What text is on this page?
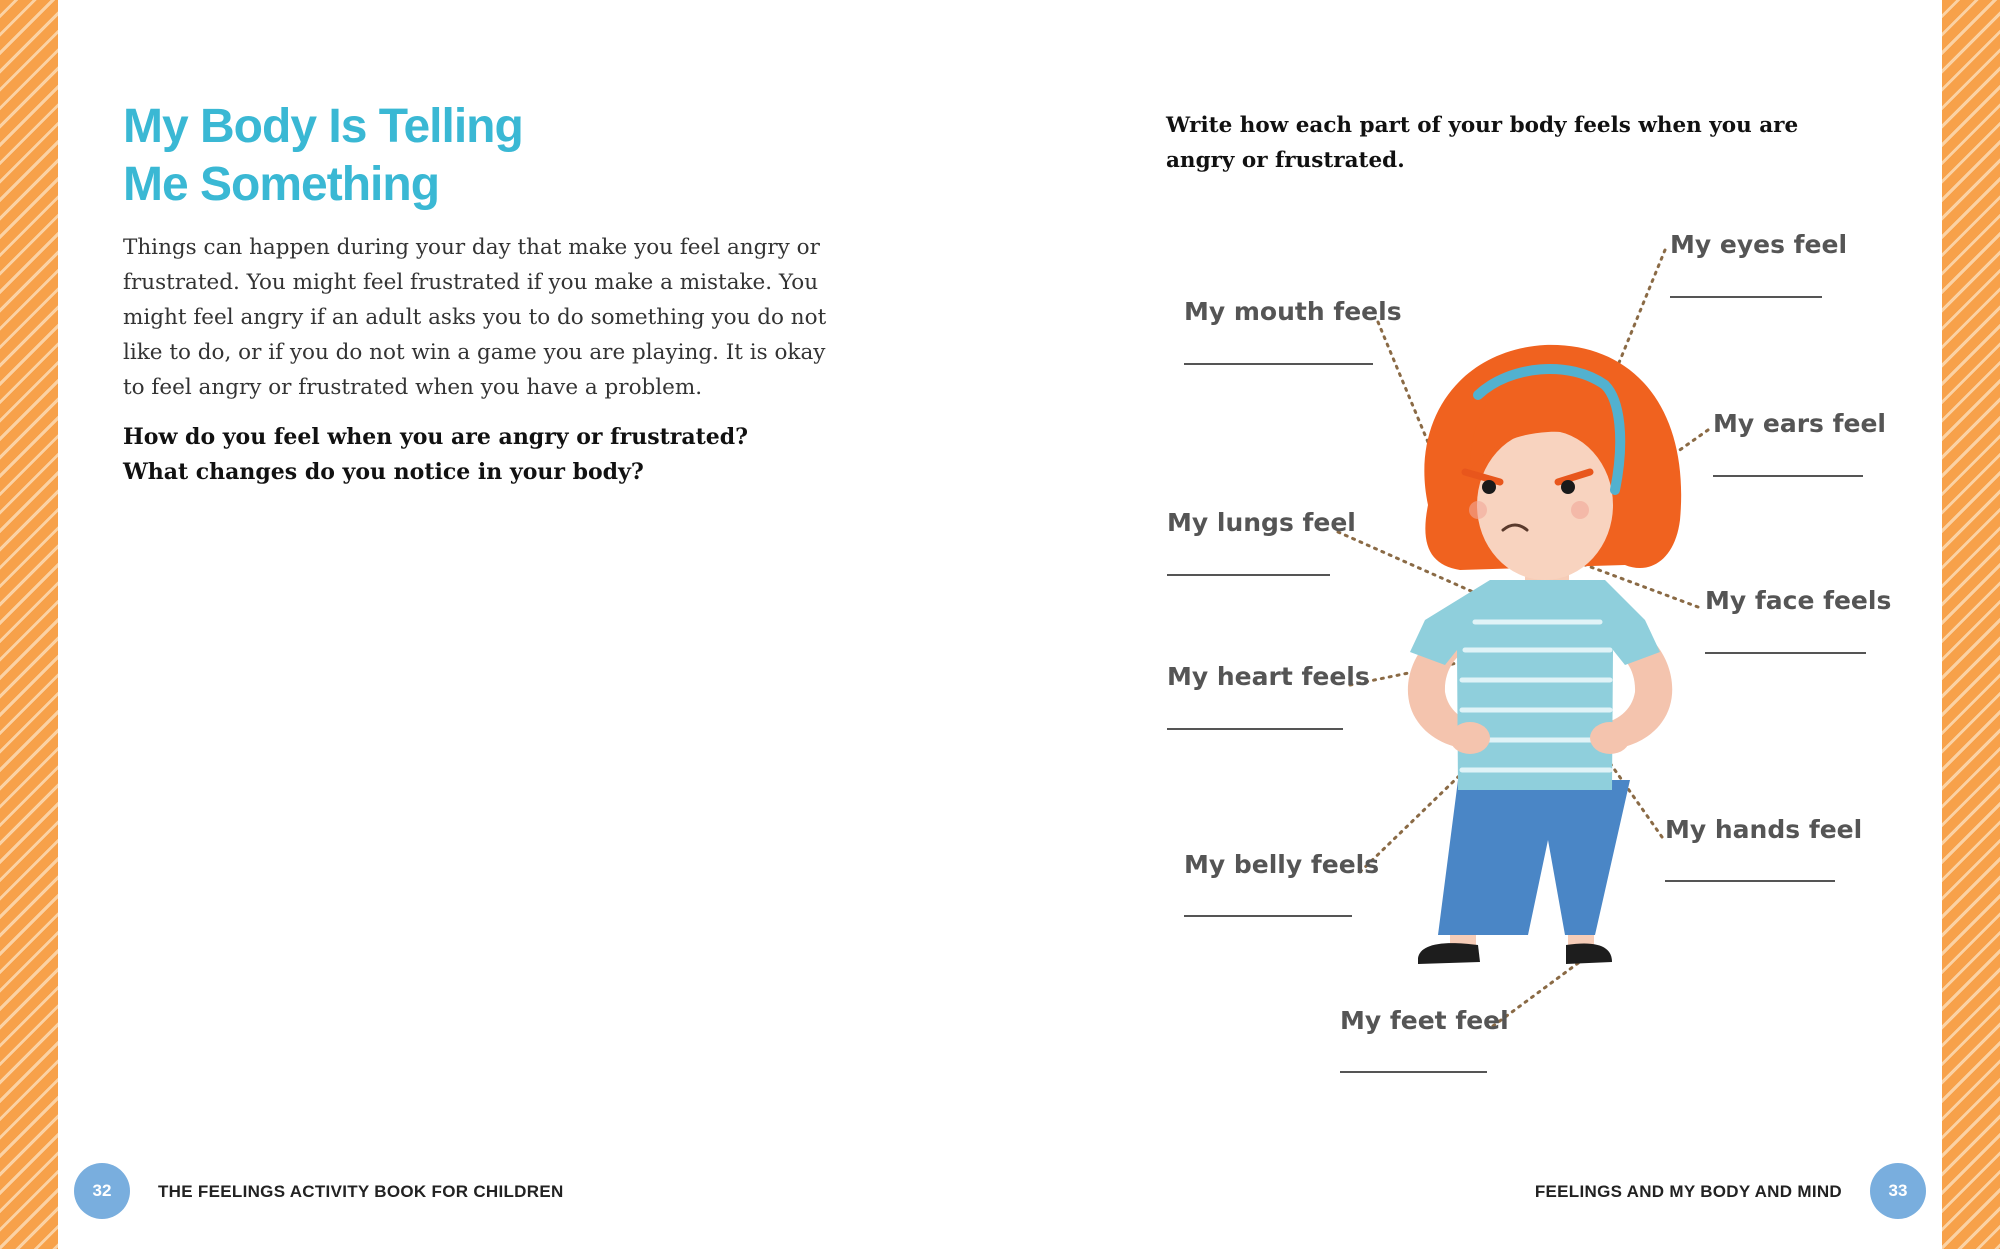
My Body Is Telling
Me Something

Things can happen during your day that make you feel angry or frustrated. You might feel frustrated if you make a mistake. You might feel angry if an adult asks you to do something you do not like to do, or if you do not win a game you are playing. It is okay to feel angry or frustrated when you have a problem.

How do you feel when you are angry or frustrated?
What changes do you notice in your body?

Write how each part of your body feels when you are angry or frustrated.

My eyes feel
My mouth feels
My ears feel
My lungs feel
My face feels
My heart feels
My hands feel
My belly feels
My feet feel
32	THE FEELINGS ACTIVITY BOOK FOR CHILDREN	FEELINGS AND MY BODY AND MIND	33
